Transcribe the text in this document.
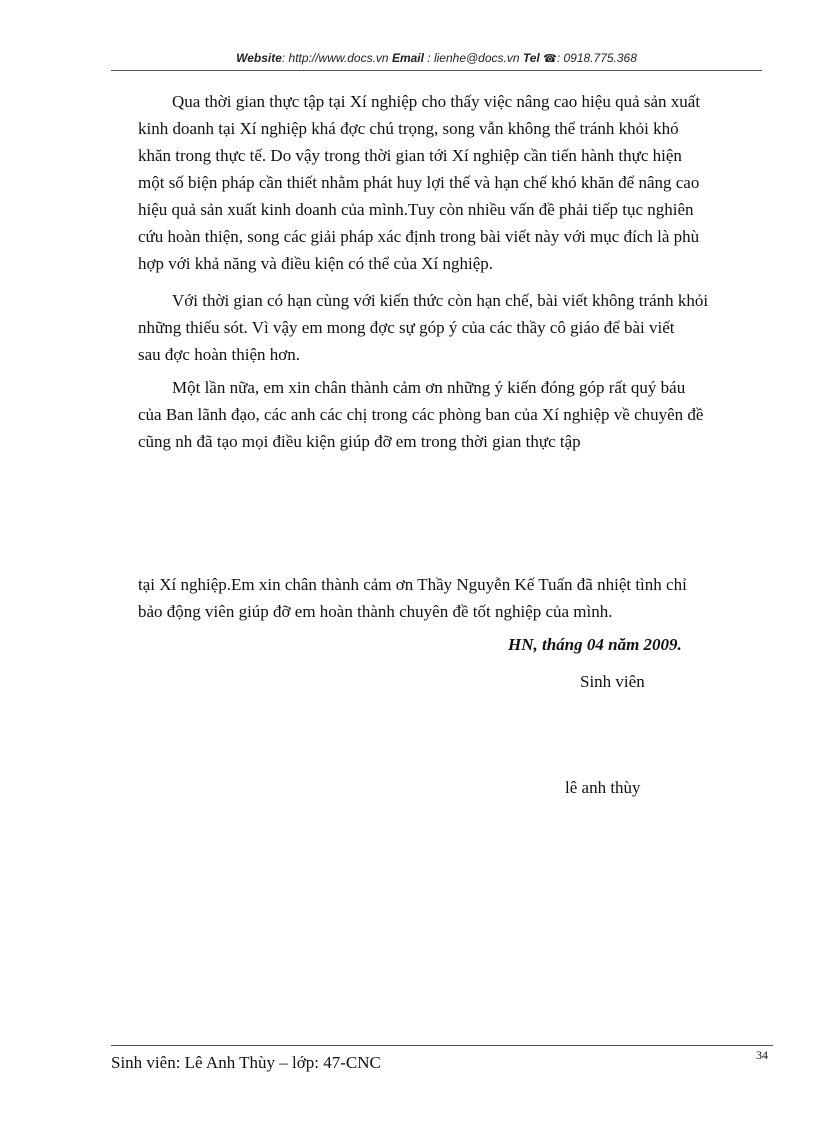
Website: http://www.docs.vn Email : lienhe@docs.vn Tel ☎: 0918.775.368
Qua thời gian thực tập tại Xí nghiệp cho thấy việc nâng cao hiệu quả sản xuất
kinh doanh tại Xí nghiệp khá đợc chú trọng, song vẫn không thể tránh khỏi khó
khăn trong thực tế. Do vậy trong thời gian tới Xí nghiệp cần tiến hành thực hiện
một số biện pháp cần thiết nhằm phát huy lợi thế và hạn chế khó khăn để nâng cao
hiệu quả sản xuất kinh doanh của mình.Tuy còn nhiều vấn đề phải tiếp tục nghiên
cứu hoàn thiện, song các giải pháp xác định trong bài viết này với mục đích là phù
hợp với khả năng và điều kiện có thể của Xí nghiệp.
Với thời gian có hạn cùng với kiến thức còn hạn chế, bài viết không tránh khỏi
những thiếu sót. Vì vậy em mong đợc sự góp ý của các thầy cô giáo để bài viết
sau đợc hoàn thiện hơn.
Một lần nữa, em xin chân thành cảm ơn những ý kiến đóng góp rất quý báu
của Ban lãnh đạo, các anh các chị trong các phòng ban của Xí nghiệp về chuyên đề
cũng nh đã tạo mọi điều kiện giúp đỡ em trong thời gian thực tập
tại Xí nghiệp.Em xin chân thành cảm ơn Thầy Nguyễn Kế Tuấn đã nhiệt tình chỉ
bảo động viên giúp đỡ em hoàn thành chuyên đề tốt nghiệp của mình.
HN, tháng 04 năm 2009.
Sinh viên
lê anh thùy
Sinh viên: Lê Anh Thùy – lớp: 47-CNC	34
